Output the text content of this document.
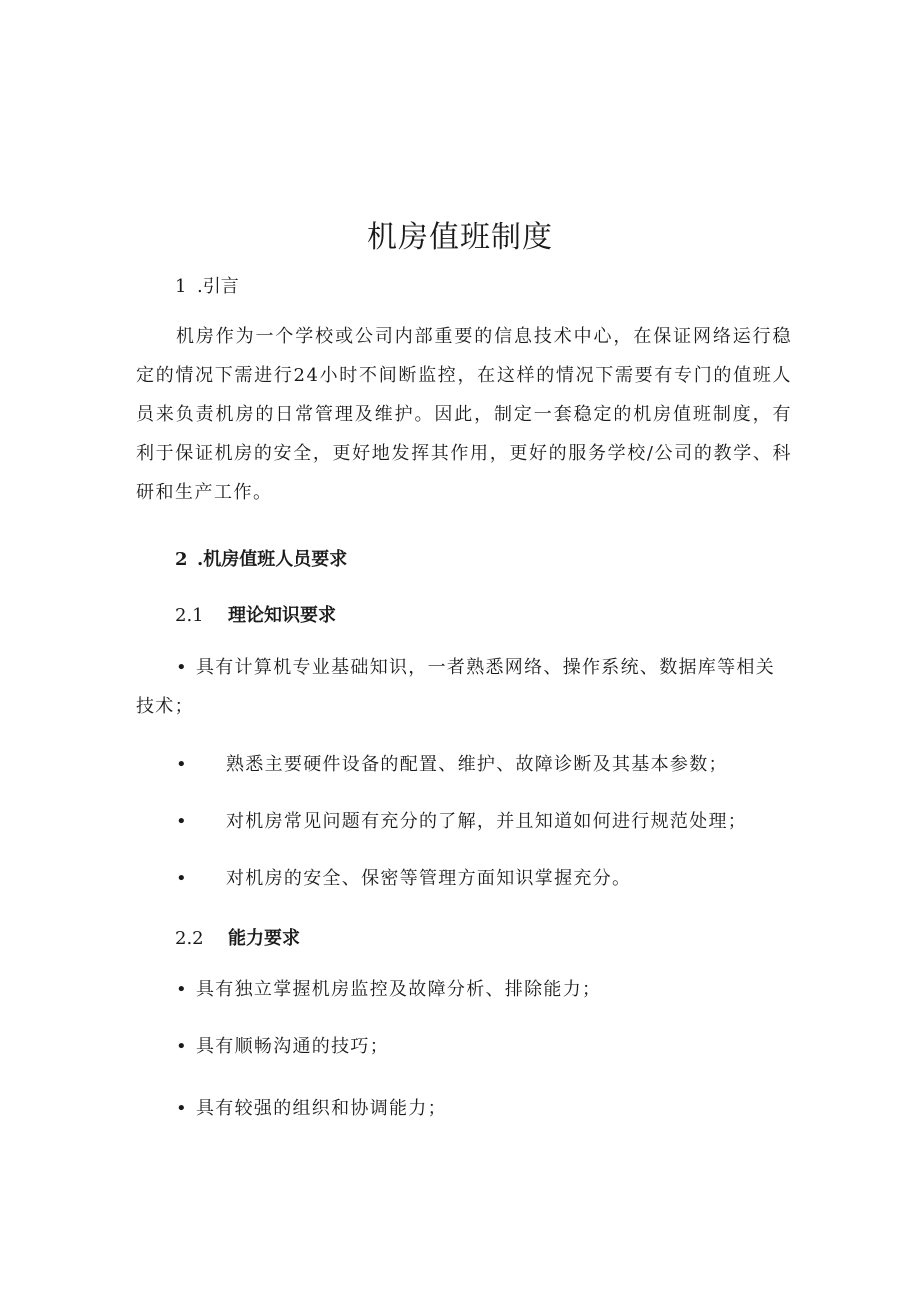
机房值班制度
1 .引言

机房作为一个学校或公司内部重要的信息技术中心，在保证网络运行稳定的情况下需进行24小时不间断监控，在这样的情况下需要有专门的值班人员来负责机房的日常管理及维护。因此，制定一套稳定的机房值班制度，有利于保证机房的安全，更好地发挥其作用，更好的服务学校/公司的教学、科研和生产工作。

2 .机房值班人员要求
2.1 理论知识要求
• 具有计算机专业基础知识，一者熟悉网络、操作系统、数据库等相关技术；
•	熟悉主要硬件设备的配置、维护、故障诊断及其基本参数；
•	对机房常见问题有充分的了解，并且知道如何进行规范处理；
•	对机房的安全、保密等管理方面知识掌握充分。
2.2 能力要求
• 具有独立掌握机房监控及故障分析、排除能力；
• 具有顺畅沟通的技巧；
• 具有较强的组织和协调能力；
